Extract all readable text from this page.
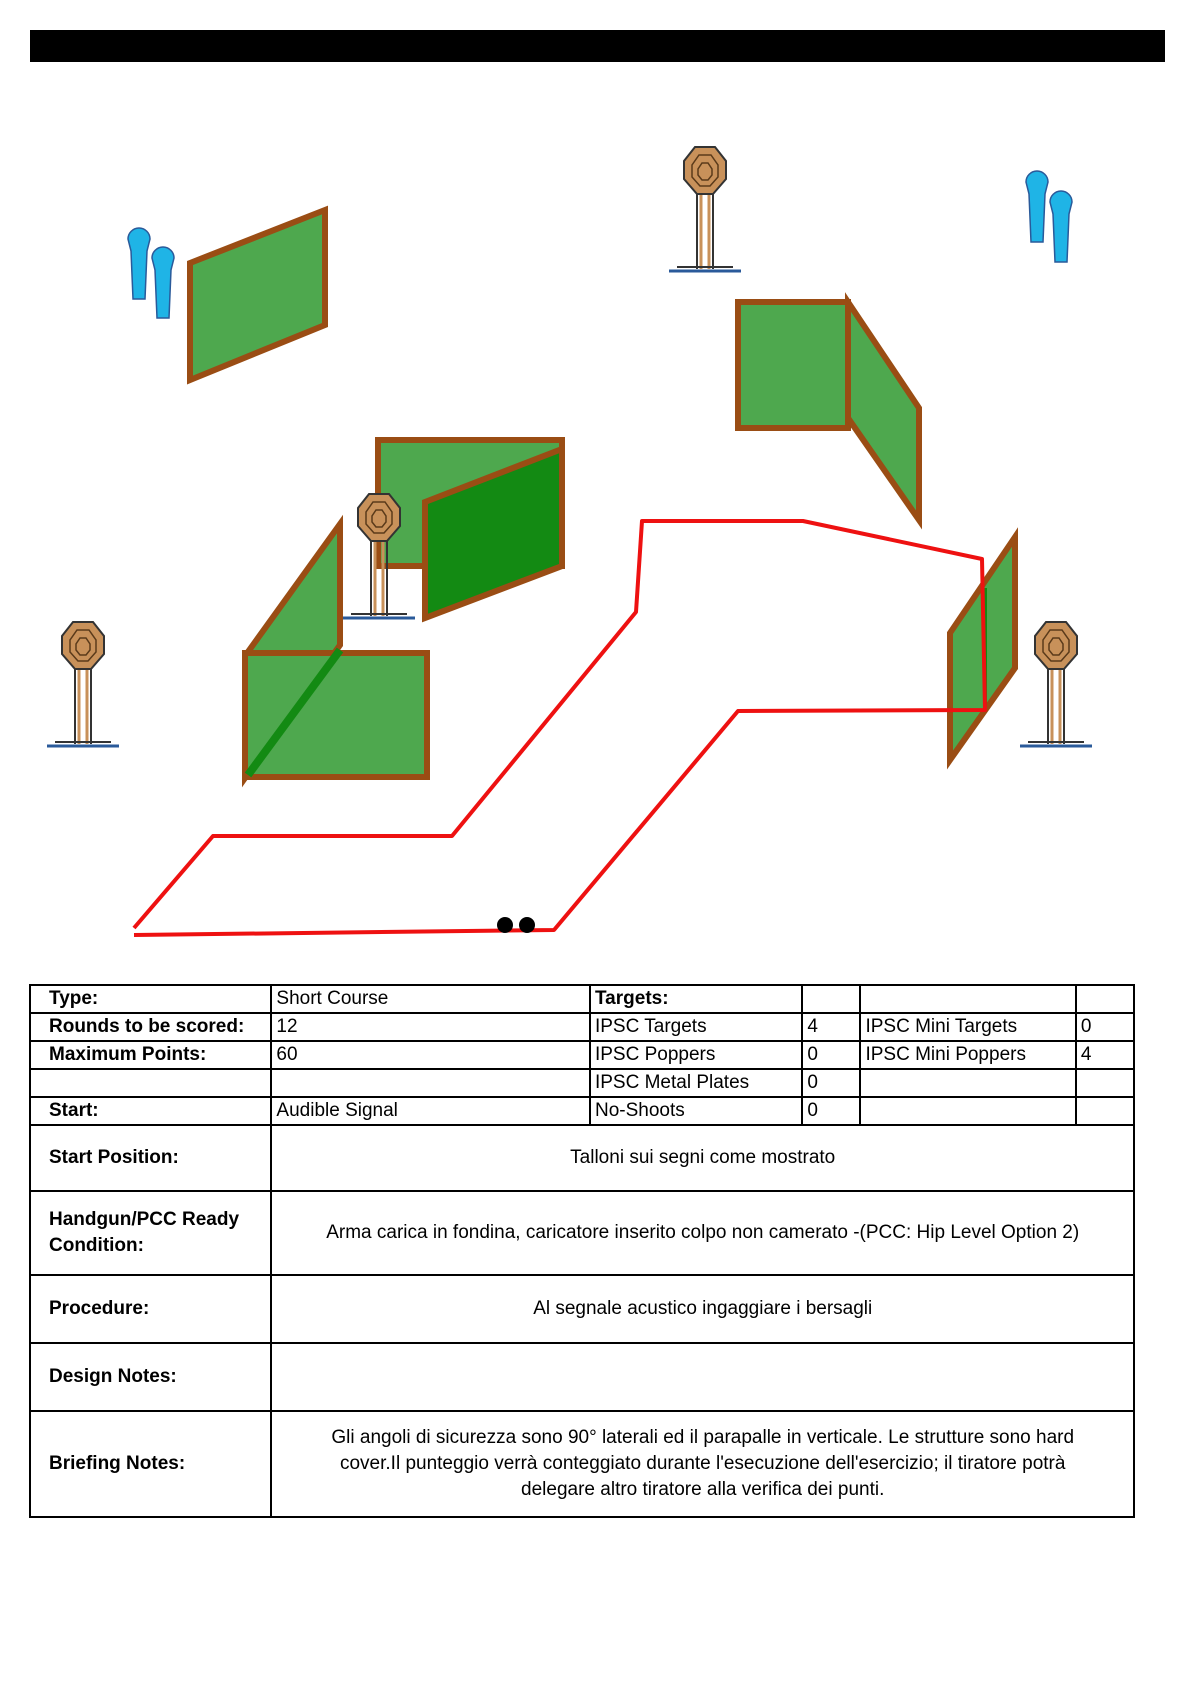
Type:	Short Course	Targets:			
Rounds to be scored:	12	IPSC Targets	4	IPSC Mini Targets	0
Maximum Points:	60	IPSC Poppers	0	IPSC Mini Poppers	4
		IPSC Metal Plates	0		
Start:	Audible Signal	No-Shoots	0		
Start Position:	Talloni sui segni come mostrato				
Handgun/PCC Ready
Condition:	Arma carica in fondina, caricatore inserito colpo non camerato -(PCC: Hip Level Option 2)				
Procedure:	Al segnale acustico ingaggiare i bersagli				
Design Notes:					
Briefing Notes:	Gli angoli di sicurezza sono 90° laterali ed il parapalle in verticale. Le strutture sono hard
cover.Il punteggio verrà conteggiato durante l'esecuzione dell'esercizio; il tiratore potrà
delegare altro tiratore alla verifica dei punti.				
